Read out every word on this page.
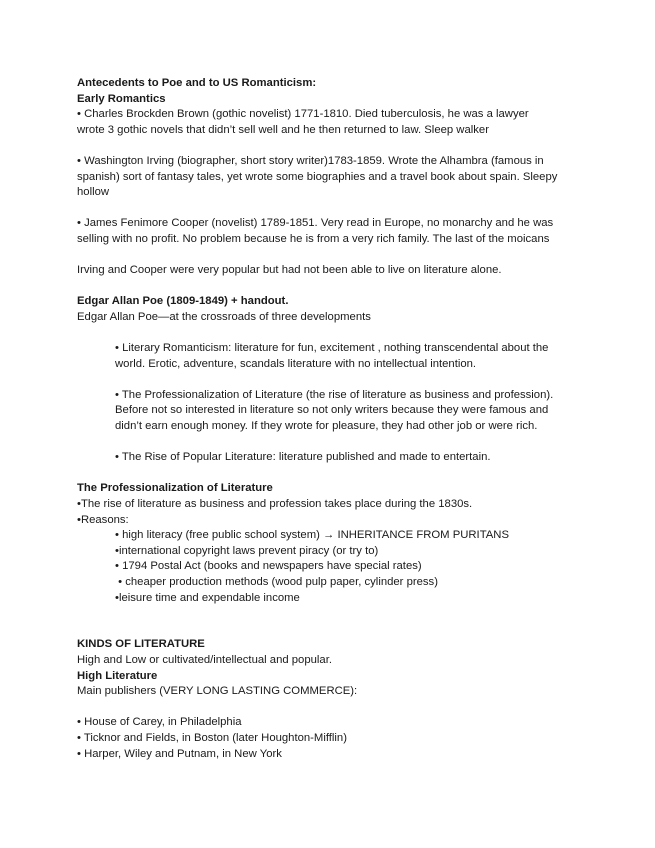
Antecedents to Poe and to US Romanticism:
Early Romantics
• Charles Brockden Brown (gothic novelist) 1771-1810. Died tuberculosis, he was a lawyer
wrote 3 gothic novels that didn’t sell well and he then returned to law. Sleep walker
• Washington Irving (biographer, short story writer)1783-1859. Wrote the Alhambra (famous in
spanish) sort of fantasy tales, yet wrote some biographies and a travel book about spain. Sleepy
hollow
• James Fenimore Cooper (novelist) 1789-1851. Very read in Europe, no monarchy and he was
selling with no profit. No problem because he is from a very rich family. The last of the moicans
Irving and Cooper were very popular but had not been able to live on literature alone.
Edgar Allan Poe (1809-1849) + handout.
Edgar Allan Poe—at the crossroads of three developments
• Literary Romanticism: literature for fun, excitement , nothing transcendental about the
world. Erotic, adventure, scandals literature with no intellectual intention.
• The Professionalization of Literature (the rise of literature as business and profession).
Before not so interested in literature so not only writers because they were famous and
didn’t earn enough money. If they wrote for pleasure, they had other job or were rich.
• The Rise of Popular Literature: literature published and made to entertain.
The Professionalization of Literature
•The rise of literature as business and profession takes place during the 1830s.
•Reasons:
• high literacy (free public school system) → INHERITANCE FROM PURITANS
•international copyright laws prevent piracy (or try to)
• 1794 Postal Act (books and newspapers have special rates)
• cheaper production methods (wood pulp paper, cylinder press)
•leisure time and expendable income
KINDS OF LITERATURE
High and Low or cultivated/intellectual and popular.
High Literature
Main publishers (VERY LONG LASTING COMMERCE):
• House of Carey, in Philadelphia
• Ticknor and Fields, in Boston (later Houghton-Mifflin)
• Harper, Wiley and Putnam, in New York
